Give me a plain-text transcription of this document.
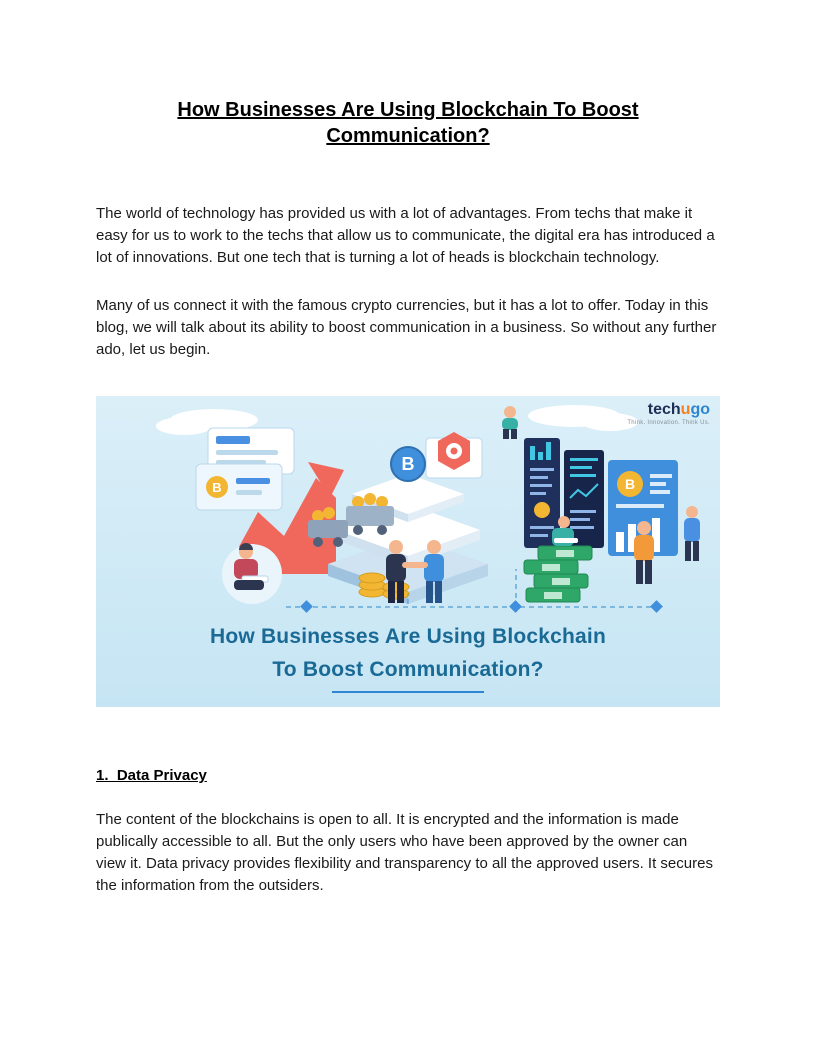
How Businesses Are Using Blockchain To Boost Communication?

The world of technology has provided us with a lot of advantages. From techs that make it easy for us to work to the techs that allow us to communicate, the digital era has introduced a lot of innovations. But one tech that is turning a lot of heads is blockchain technology.

Many of us connect it with the famous crypto currencies, but it has a lot to offer. Today in this blog, we will talk about its ability to boost communication in a business. So without any further ado, let us begin.

techugo
Think. Innovation. Think Us.
B	B
B
How Businesses Are Using Blockchain
To Boost Communication?
1.  Data Privacy

The content of the blockchains is open to all. It is encrypted and the information is made publically accessible to all. But the only users who have been approved by the owner can view it. Data privacy provides flexibility and transparency to all the approved users. It secures the information from the outsiders.
